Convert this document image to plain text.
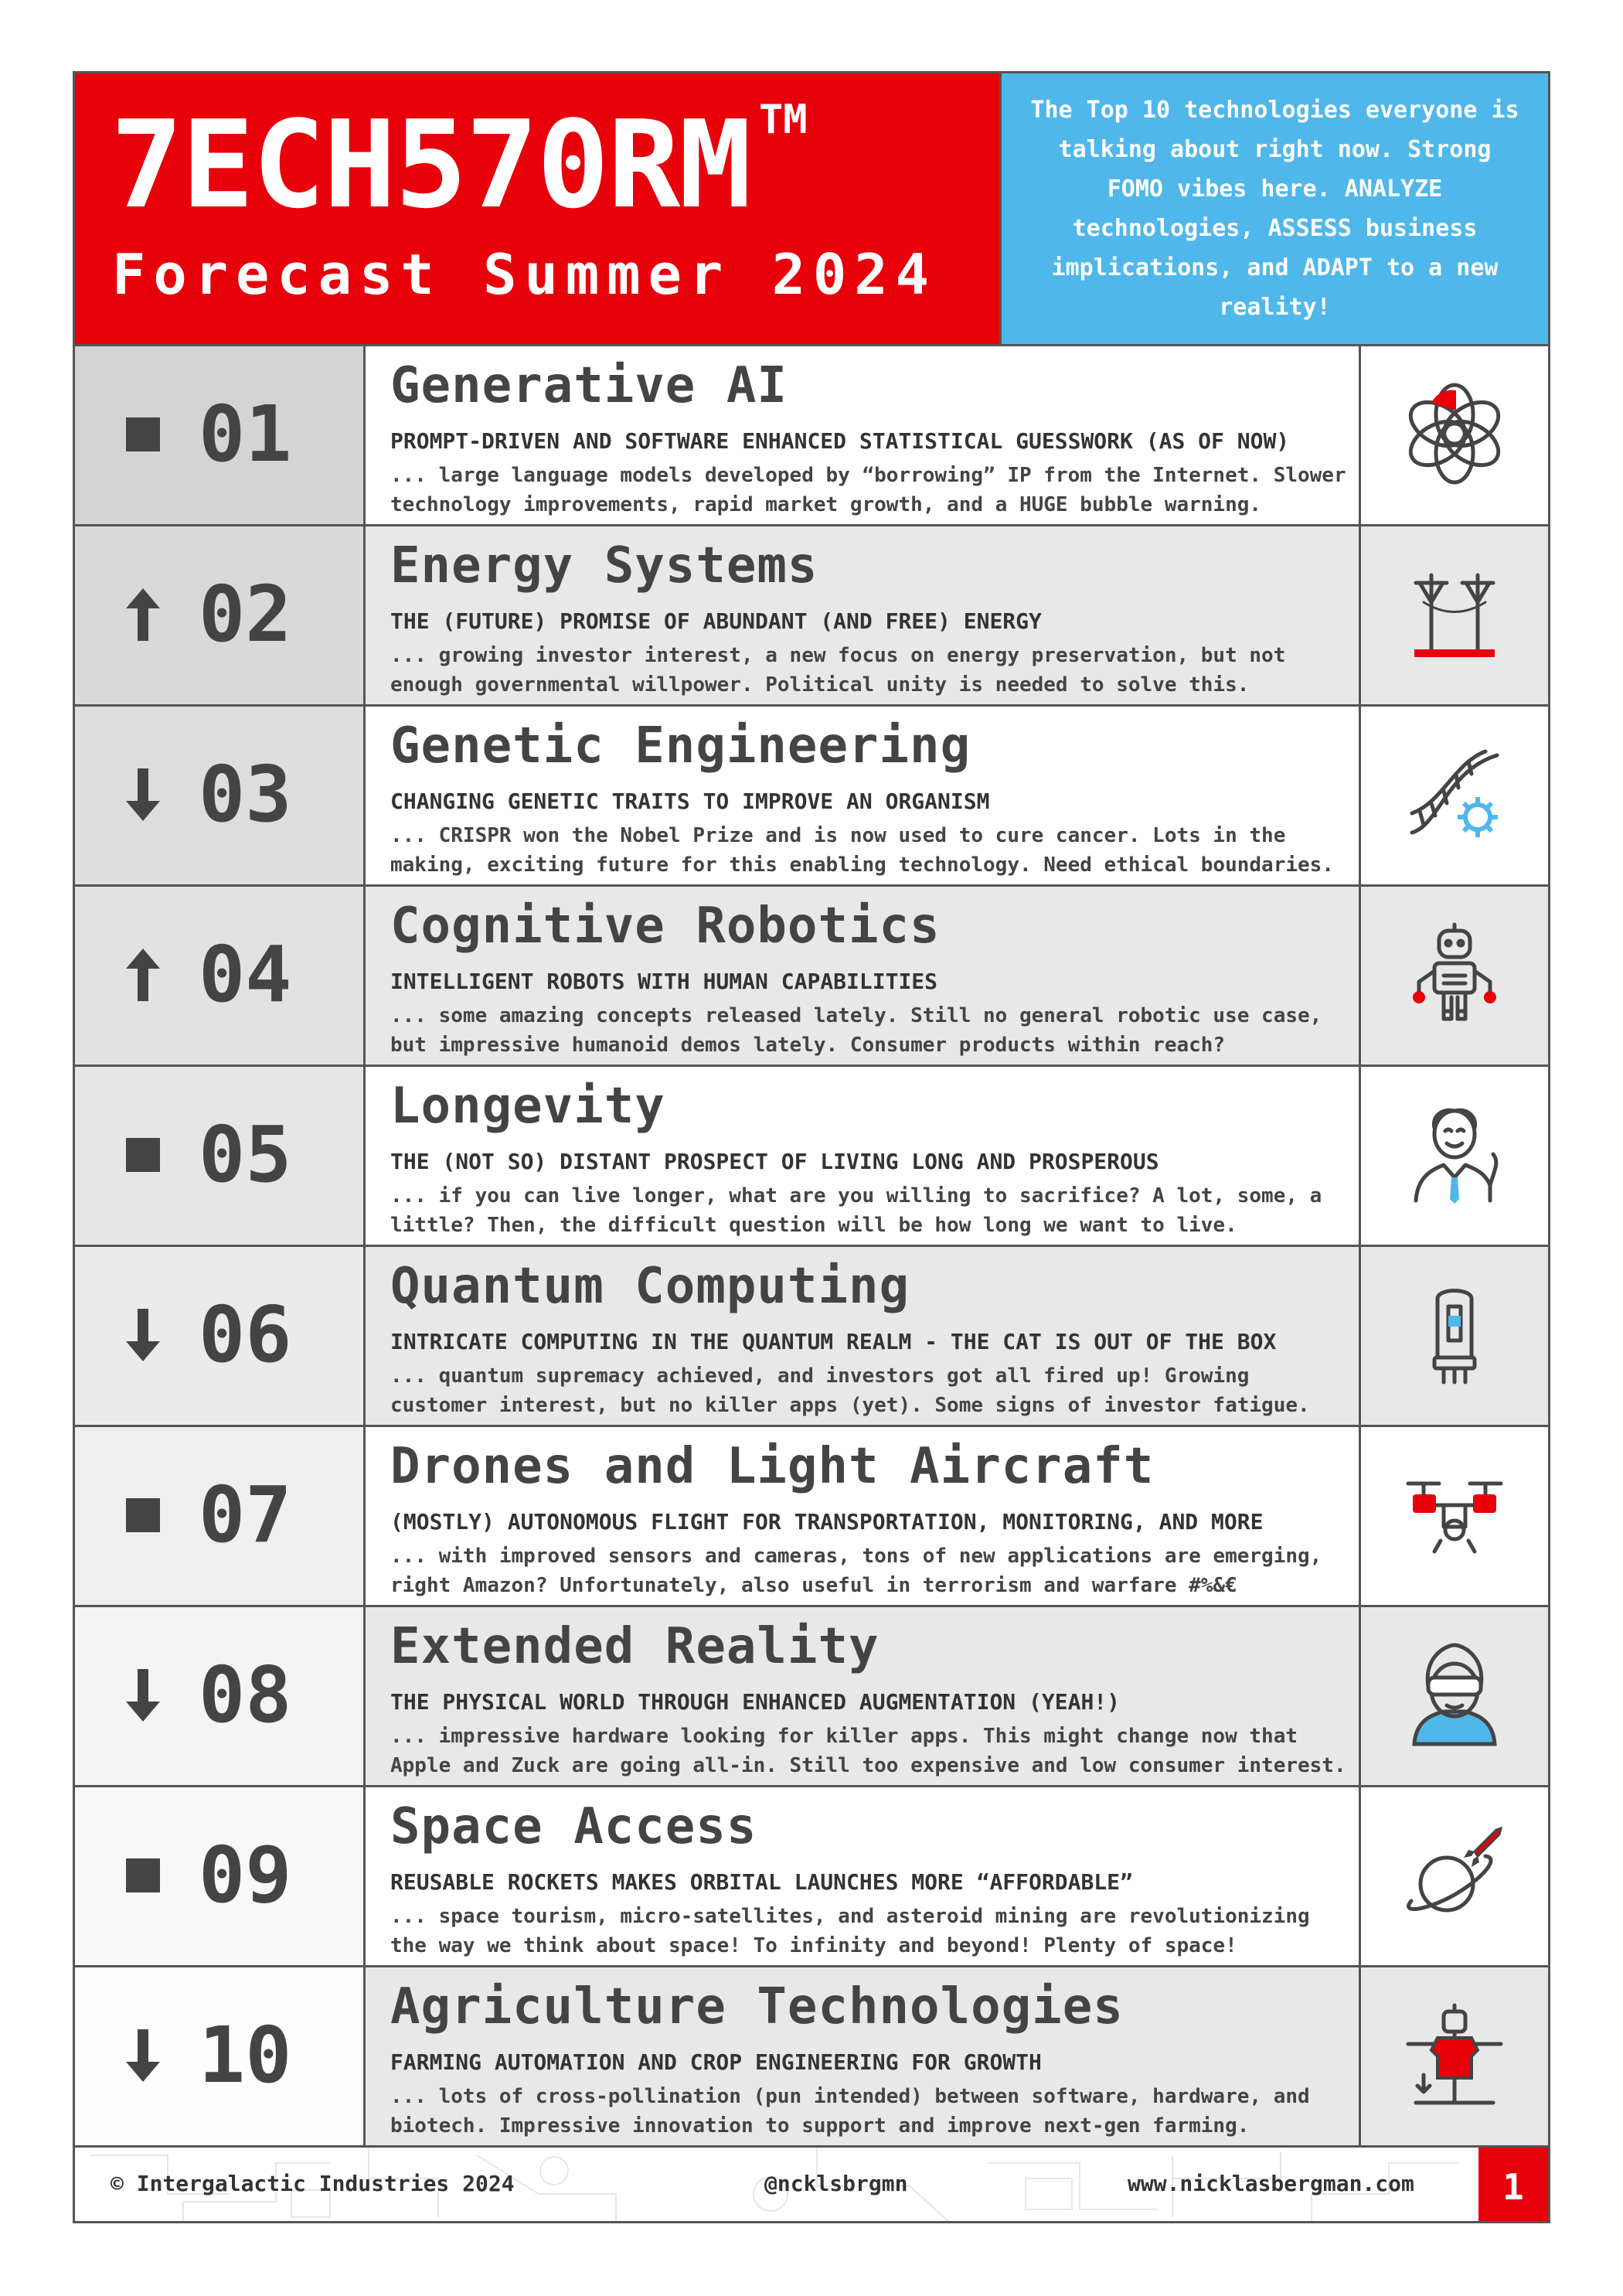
7ECH570RM TM
Forecast Summer 2024
The Top 10 technologies everyone is talking about right now. Strong FOMO vibes here. ANALYZE technologies, ASSESS business implications, and ADAPT to a new reality!
01
Generative AI
PROMPT-DRIVEN AND SOFTWARE ENHANCED STATISTICAL GUESSWORK (AS OF NOW)
... large language models developed by “borrowing” IP from the Internet. Slower technology improvements, rapid market growth, and a HUGE bubble warning.
02
Energy Systems
THE (FUTURE) PROMISE OF ABUNDANT (AND FREE) ENERGY
... growing investor interest, a new focus on energy preservation, but not enough governmental willpower. Political unity is needed to solve this.
03
Genetic Engineering
CHANGING GENETIC TRAITS TO IMPROVE AN ORGANISM
... CRISPR won the Nobel Prize and is now used to cure cancer. Lots in the making, exciting future for this enabling technology. Need ethical boundaries.
04
Cognitive Robotics
INTELLIGENT ROBOTS WITH HUMAN CAPABILITIES
... some amazing concepts released lately. Still no general robotic use case, but impressive humanoid demos lately. Consumer products within reach?
05
Longevity
THE (NOT SO) DISTANT PROSPECT OF LIVING LONG AND PROSPEROUS
... if you can live longer, what are you willing to sacrifice? A lot, some, a little? Then, the difficult question will be how long we want to live.
06
Quantum Computing
INTRICATE COMPUTING IN THE QUANTUM REALM - THE CAT IS OUT OF THE BOX
... quantum supremacy achieved, and investors got all fired up! Growing customer interest, but no killer apps (yet). Some signs of investor fatigue.
07
Drones and Light Aircraft
(MOSTLY) AUTONOMOUS FLIGHT FOR TRANSPORTATION, MONITORING, AND MORE
... with improved sensors and cameras, tons of new applications are emerging, right Amazon? Unfortunately, also useful in terrorism and warfare #%&€
08
Extended Reality
THE PHYSICAL WORLD THROUGH ENHANCED AUGMENTATION (YEAH!)
... impressive hardware looking for killer apps. This might change now that Apple and Zuck are going all-in. Still too expensive and low consumer interest.
09
Space Access
REUSABLE ROCKETS MAKES ORBITAL LAUNCHES MORE “AFFORDABLE”
... space tourism, micro-satellites, and asteroid mining are revolutionizing the way we think about space! To infinity and beyond! Plenty of space!
10
Agriculture Technologies
FARMING AUTOMATION AND CROP ENGINEERING FOR GROWTH
... lots of cross-pollination (pun intended) between software, hardware, and biotech. Impressive innovation to support and improve next-gen farming.
© Intergalactic Industries 2024	@ncklsbrgmn	www.nicklasbergman.com	1
